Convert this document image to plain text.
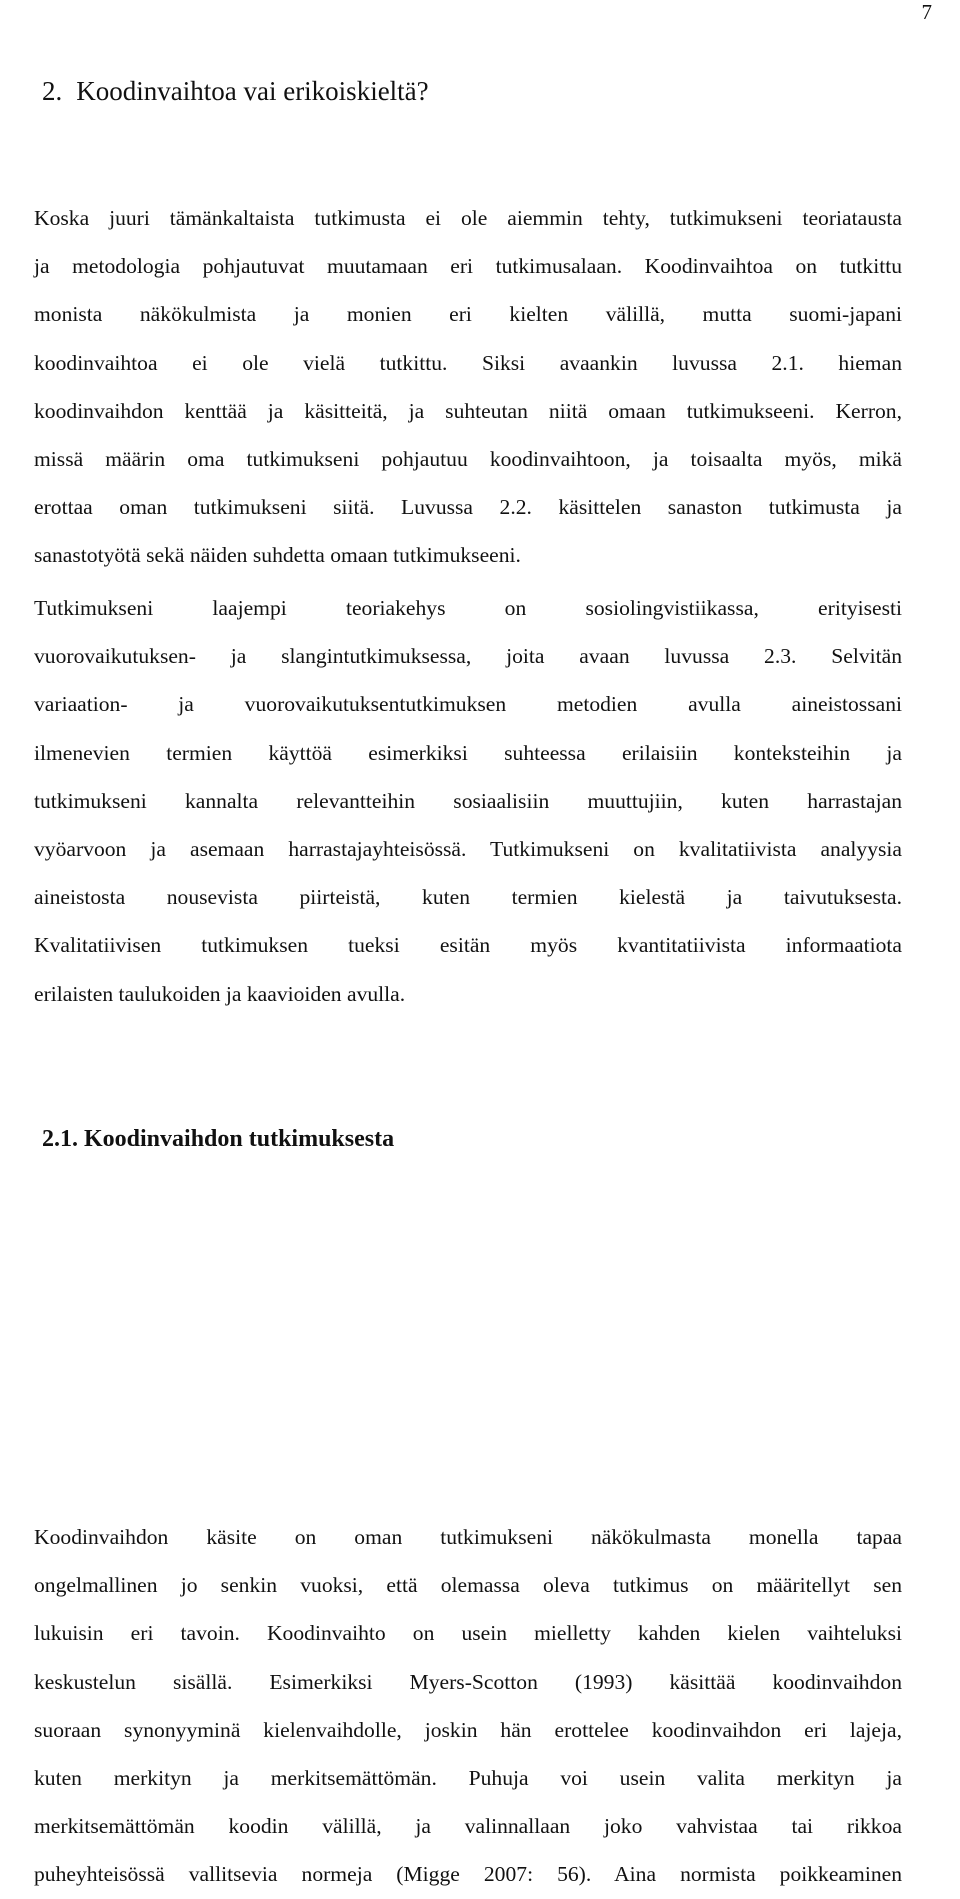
7
2. Koodinvaihtoa vai erikoiskieltä?
Koska juuri tämänkaltaista tutkimusta ei ole aiemmin tehty, tutkimukseni teoriatausta
ja metodologia pohjautuvat muutamaan eri tutkimusalaan. Koodinvaihtoa on tutkittu
monista näkökulmista ja monien eri kielten välillä, mutta suomi-japani
koodinvaihtoa ei ole vielä tutkittu. Siksi avaankin luvussa 2.1. hieman
koodinvaihdon kenttää ja käsitteitä, ja suhteutan niitä omaan tutkimukseeni. Kerron,
missä määrin oma tutkimukseni pohjautuu koodinvaihtoon, ja toisaalta myös, mikä
erottaa oman tutkimukseni siitä. Luvussa 2.2. käsittelen sanaston tutkimusta ja
sanastotyötä sekä näiden suhdetta omaan tutkimukseeni.
Tutkimukseni laajempi teoriakehys on sosiolingvistiikassa, erityisesti
vuorovaikutuksen- ja slangintutkimuksessa, joita avaan luvussa 2.3. Selvitän
variaation- ja vuorovaikutuksentutkimuksen metodien avulla aineistossani
ilmenevien termien käyttöä esimerkiksi suhteessa erilaisiin konteksteihin ja
tutkimukseni kannalta relevantteihin sosiaalisiin muuttujiin, kuten harrastajan
vyöarvoon ja asemaan harrastajayhteisössä. Tutkimukseni on kvalitatiivista analyysia
aineistosta nousevista piirteistä, kuten termien kielestä ja taivutuksesta.
Kvalitatiivisen tutkimuksen tueksi esitän myös kvantitatiivista informaatiota
erilaisten taulukoiden ja kaavioiden avulla.
2.1. Koodinvaihdon tutkimuksesta
Koodinvaihdon käsite on oman tutkimukseni näkökulmasta monella tapaa
ongelmallinen jo senkin vuoksi, että olemassa oleva tutkimus on määritellyt sen
lukuisin eri tavoin. Koodinvaihto on usein mielletty kahden kielen vaihteluksi
keskustelun sisällä. Esimerkiksi Myers-Scotton (1993) käsittää koodinvaihdon
suoraan synonyyminä kielenvaihdolle, joskin hän erottelee koodinvaihdon eri lajeja,
kuten merkityn ja merkitsemättömän. Puhuja voi usein valita merkityn ja
merkitsemättömän koodin välillä, ja valinnallaan joko vahvistaa tai rikkoa
puheyhteisössä vallitsevia normeja (Migge 2007: 56). Aina normista poikkeaminen
